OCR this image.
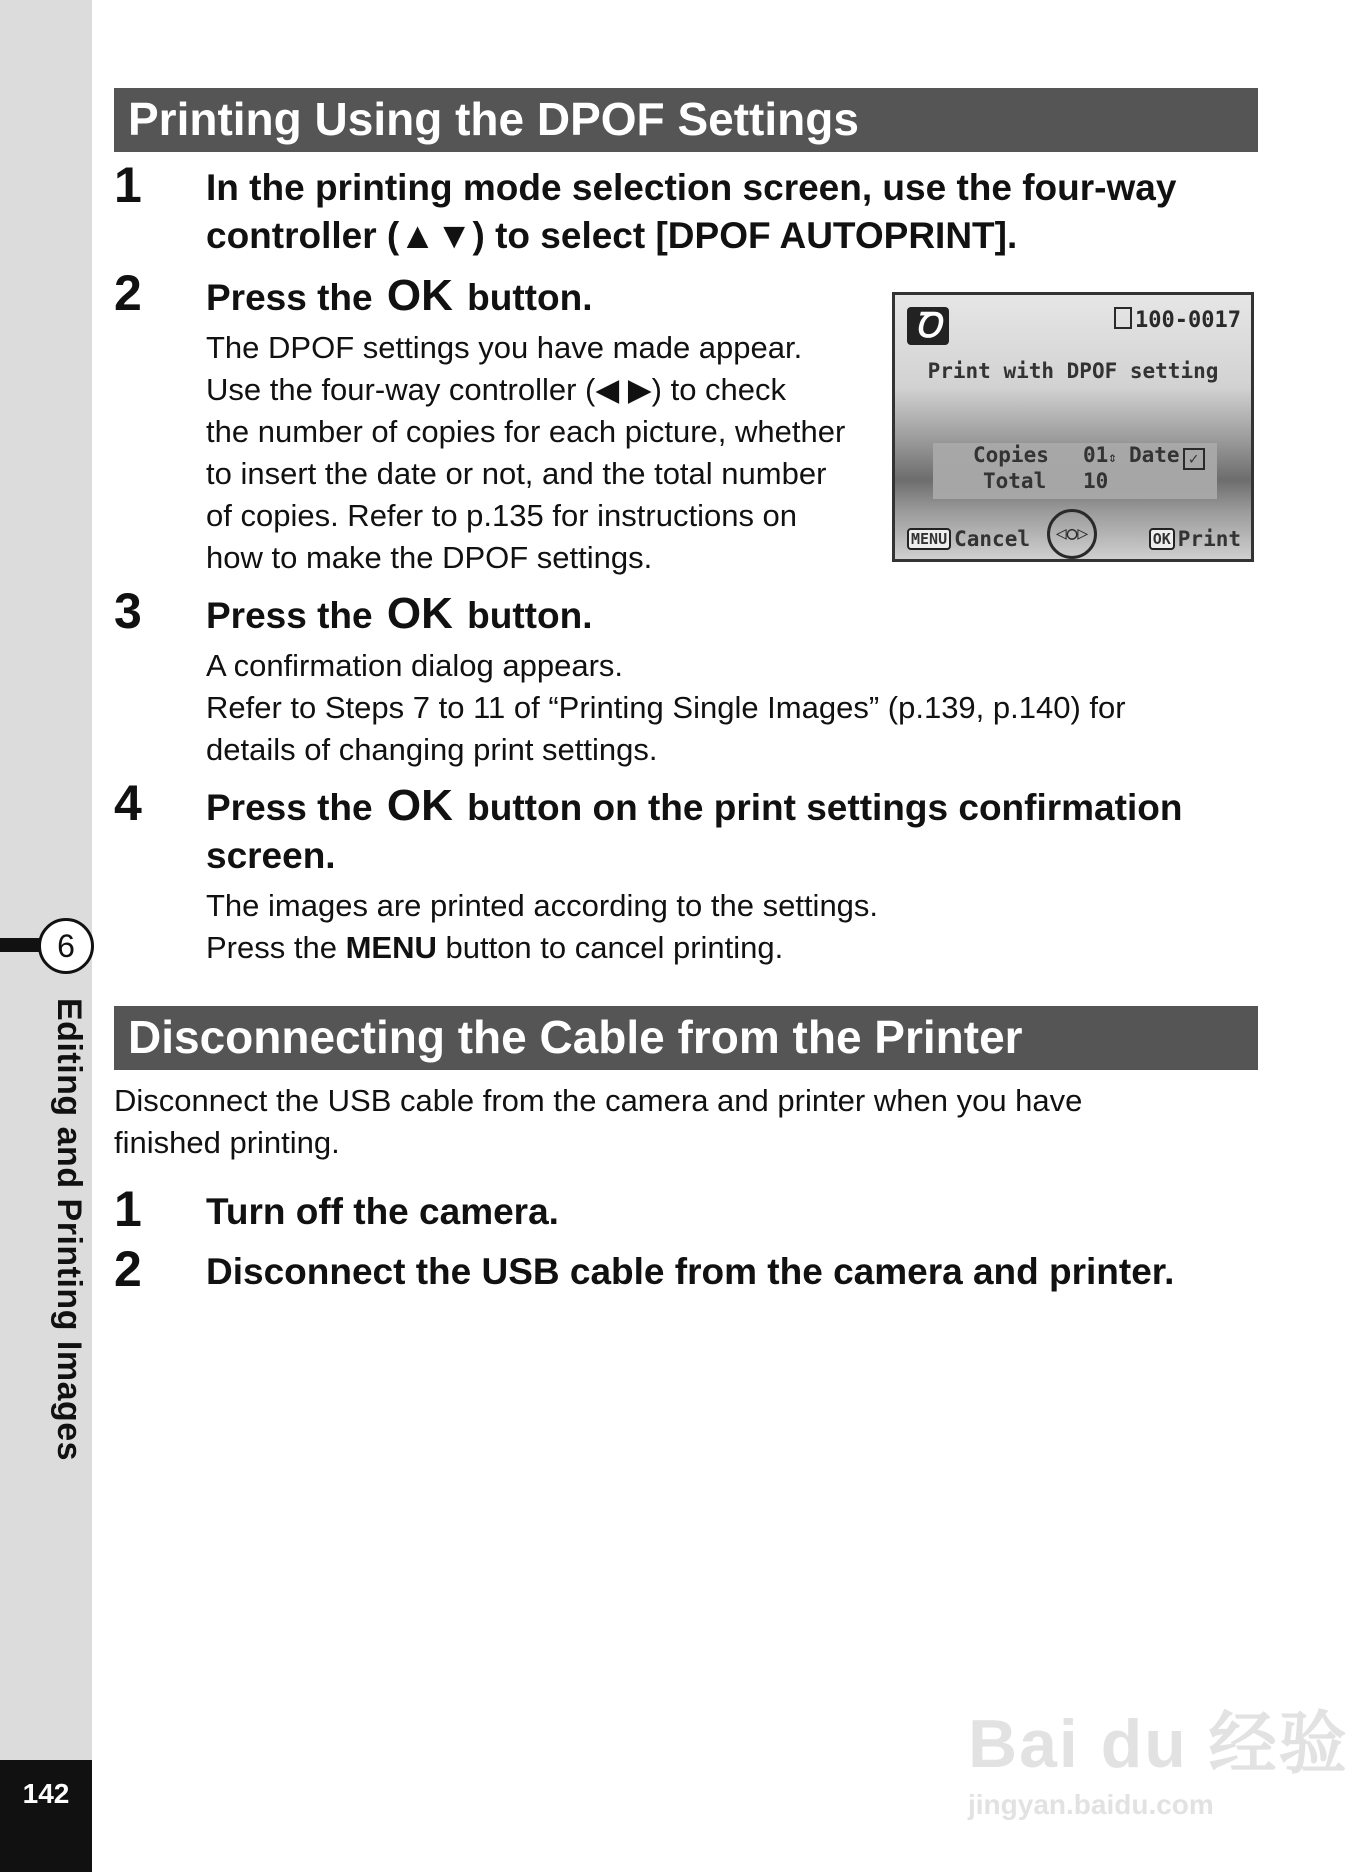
6
Editing and Printing Images
142
Printing Using the DPOF Settings
1 In the printing mode selection screen, use the four-way
controller (▲▼) to select [DPOF AUTOPRINT].
2 Press the OK button.
The DPOF settings you have made appear.
Use the four-way controller (◀ ▶) to check
the number of copies for each picture, whether
to insert the date or not, and the total number
of copies. Refer to p.135 for instructions on
how to make the DPOF settings.
Ꝺ	100-0017
Print with DPOF setting
Copies 01⇕ Date ✓
Total 10
MENU Cancel	◁○▷	OK Print
3 Press the OK button.
A confirmation dialog appears.
Refer to Steps 7 to 11 of “Printing Single Images” (p.139, p.140) for
details of changing print settings.
4 Press the OK button on the print settings confirmation
screen.
The images are printed according to the settings.
Press the MENU button to cancel printing.
Disconnecting the Cable from the Printer
Disconnect the USB cable from the camera and printer when you have
finished printing.
1 Turn off the camera.
2 Disconnect the USB cable from the camera and printer.
Bai du 经验
jingyan.baidu.com
